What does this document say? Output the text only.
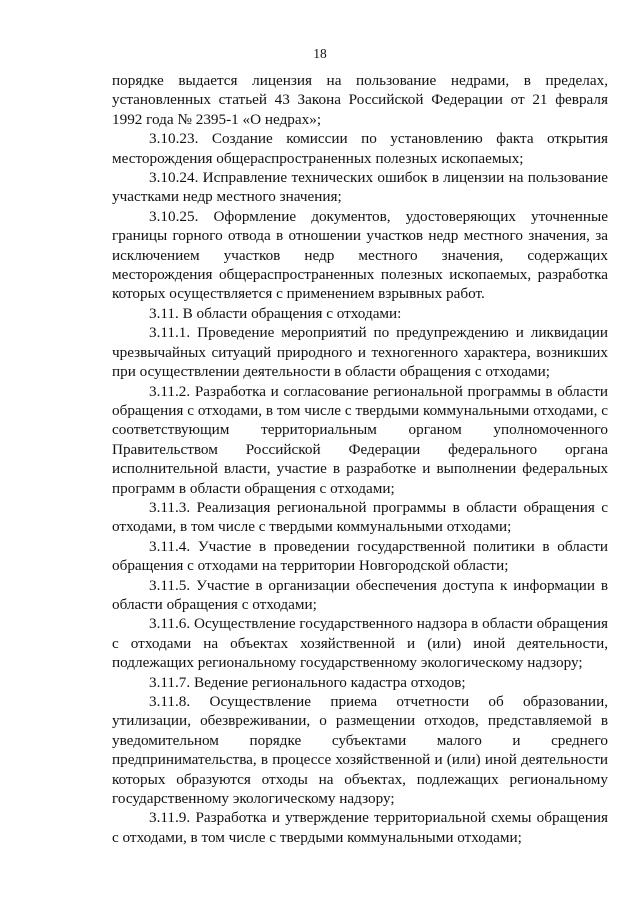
18

порядке выдается лицензия на пользование недрами, в пределах, установленных статьей 43 Закона Российской Федерации от 21 февраля 1992 года № 2395-1 «О недрах»;

3.10.23. Создание комиссии по установлению факта открытия месторождения общераспространенных полезных ископаемых;

3.10.24. Исправление технических ошибок в лицензии на пользование участками недр местного значения;

3.10.25. Оформление документов, удостоверяющих уточненные границы горного отвода в отношении участков недр местного значения, за исключением участков недр местного значения, содержащих месторождения общераспространенных полезных ископаемых, разработка которых осуществляется с применением взрывных работ.

3.11. В области обращения с отходами:

3.11.1. Проведение мероприятий по предупреждению и ликвидации чрезвычайных ситуаций природного и техногенного характера, возникших при осуществлении деятельности в области обращения с отходами;

3.11.2. Разработка и согласование региональной программы в области обращения с отходами, в том числе с твердыми коммунальными отходами, с соответствующим территориальным органом уполномоченного Правительством Российской Федерации федерального органа исполнительной власти, участие в разработке и выполнении федеральных программ в области обращения с отходами;

3.11.3. Реализация региональной программы в области обращения с отходами, в том числе с твердыми коммунальными отходами;

3.11.4. Участие в проведении государственной политики в области обращения с отходами на территории Новгородской области;

3.11.5. Участие в организации обеспечения доступа к информации в области обращения с отходами;

3.11.6. Осуществление государственного надзора в области обращения с отходами на объектах хозяйственной и (или) иной деятельности, подлежащих региональному государственному экологическому надзору;

3.11.7. Ведение регионального кадастра отходов;

3.11.8. Осуществление приема отчетности об образовании, утилизации, обезвреживании, о размещении отходов, представляемой в уведомительном порядке субъектами малого и среднего предпринимательства, в процессе хозяйственной и (или) иной деятельности которых образуются отходы на объектах, подлежащих региональному государственному экологическому надзору;

3.11.9. Разработка и утверждение территориальной схемы обращения с отходами, в том числе с твердыми коммунальными отходами;
